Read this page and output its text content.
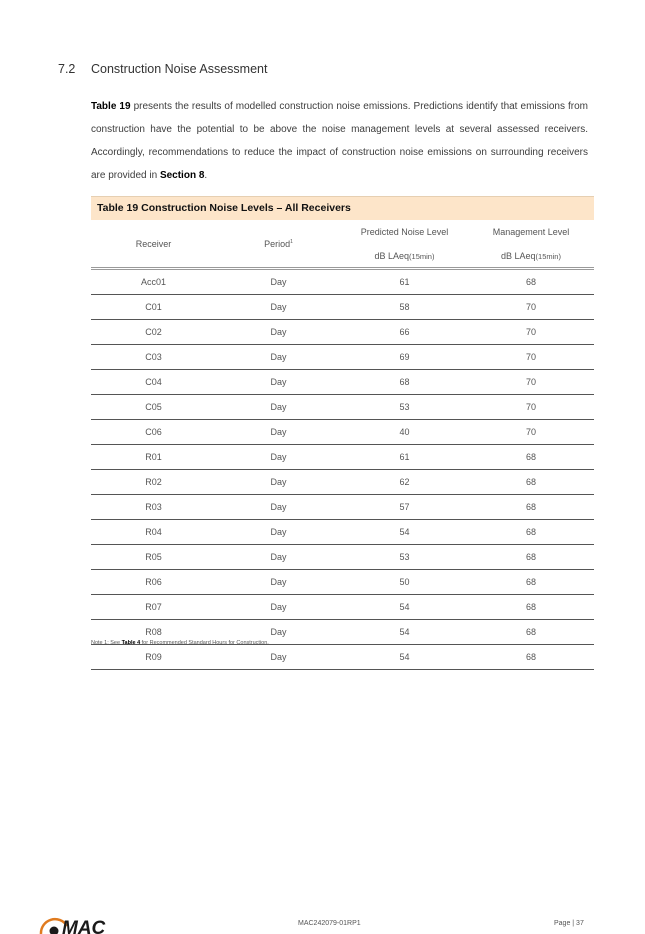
7.2 Construction Noise Assessment
Table 19 presents the results of modelled construction noise emissions. Predictions identify that emissions from construction have the potential to be above the noise management levels at several assessed receivers. Accordingly, recommendations to reduce the impact of construction noise emissions on surrounding receivers are provided in Section 8.
Table 19 Construction Noise Levels – All Receivers
Receiver	Period$^1$	Predicted Noise Level	Management Level
		dB LAeq(15min)	dB LAeq(15min)
Acc01	Day	61	68
C01	Day	58	70
C02	Day	66	70
C03	Day	69	70
C04	Day	68	70
C05	Day	53	70
C06	Day	40	70
R01	Day	61	68
R02	Day	62	68
R03	Day	57	68
R04	Day	54	68
R05	Day	53	68
R06	Day	50	68
R07	Day	54	68
R08	Day	54	68
R09	Day	54	68
Note 1: See Table 4 for Recommended Standard Hours for Construction.
MAC	MAC242079-01RP1	Page | 37
